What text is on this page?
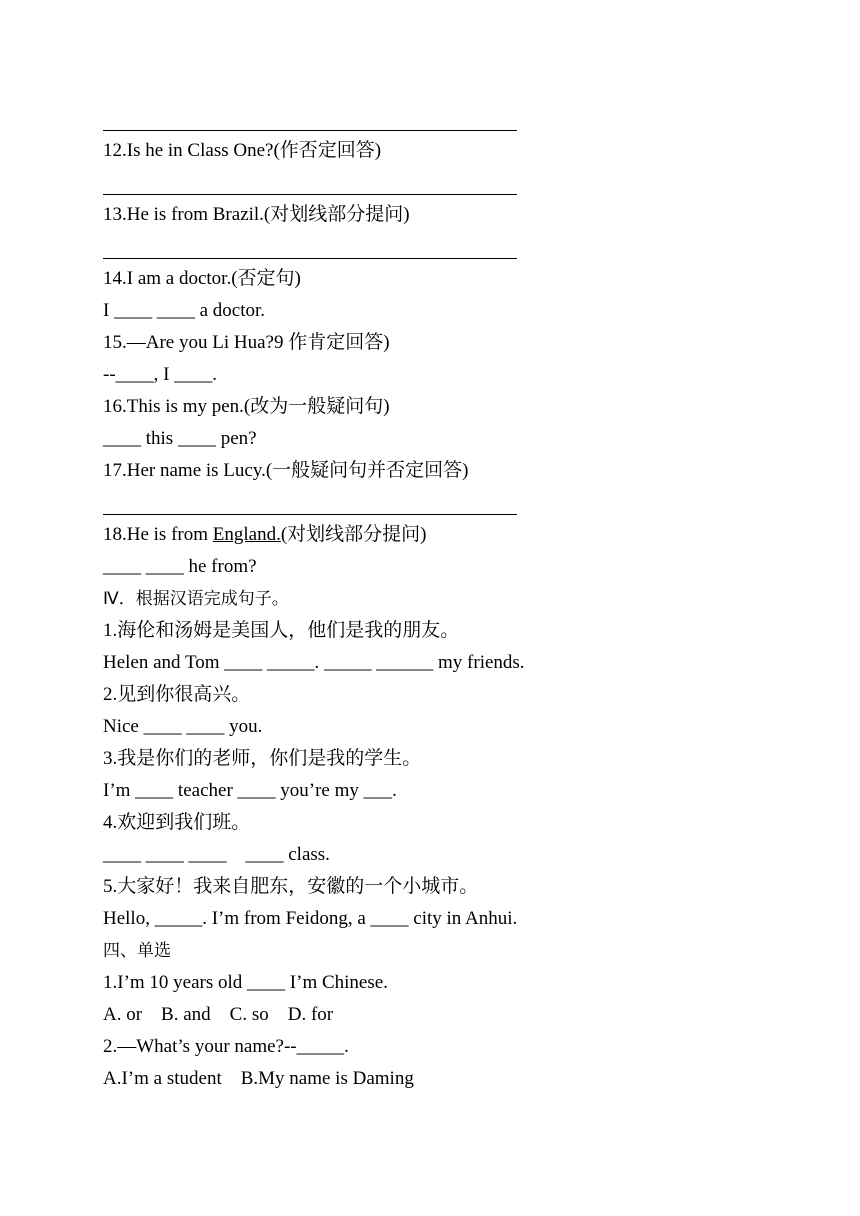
12.Is he in Class One?(作否定回答)
13.He is from Brazil.(对划线部分提问)
14.I am a doctor.(否定句)
I ____ ____ a doctor.
15.—Are you Li Hua?9 作肯定回答)
--____, I ____.
16.This is my pen.(改为一般疑问句)
____ this ____ pen?
17.Her name is Lucy.(一般疑问句并否定回答)
18.He is from England.(对划线部分提问)
____ ____ he from?
Ⅳ．根据汉语完成句子。
1.海伦和汤姆是美国人，他们是我的朋友。
Helen and Tom ____ _____. _____ ______ my friends.
2.见到你很高兴。
Nice ____ ____ you.
3.我是你们的老师，你们是我的学生。
I’m ____ teacher ____ you’re my ___.
4.欢迎到我们班。
____ ____ ____    ____ class.
5.大家好！我来自肥东，安徽的一个小城市。
Hello, _____. I’m from Feidong, a ____ city in Anhui.
四、单选
1.I’m 10 years old ____ I’m Chinese.
A. or    B. and    C. so    D. for
2.—What’s your name?--_____.
A.I’m a student    B.My name is Daming
